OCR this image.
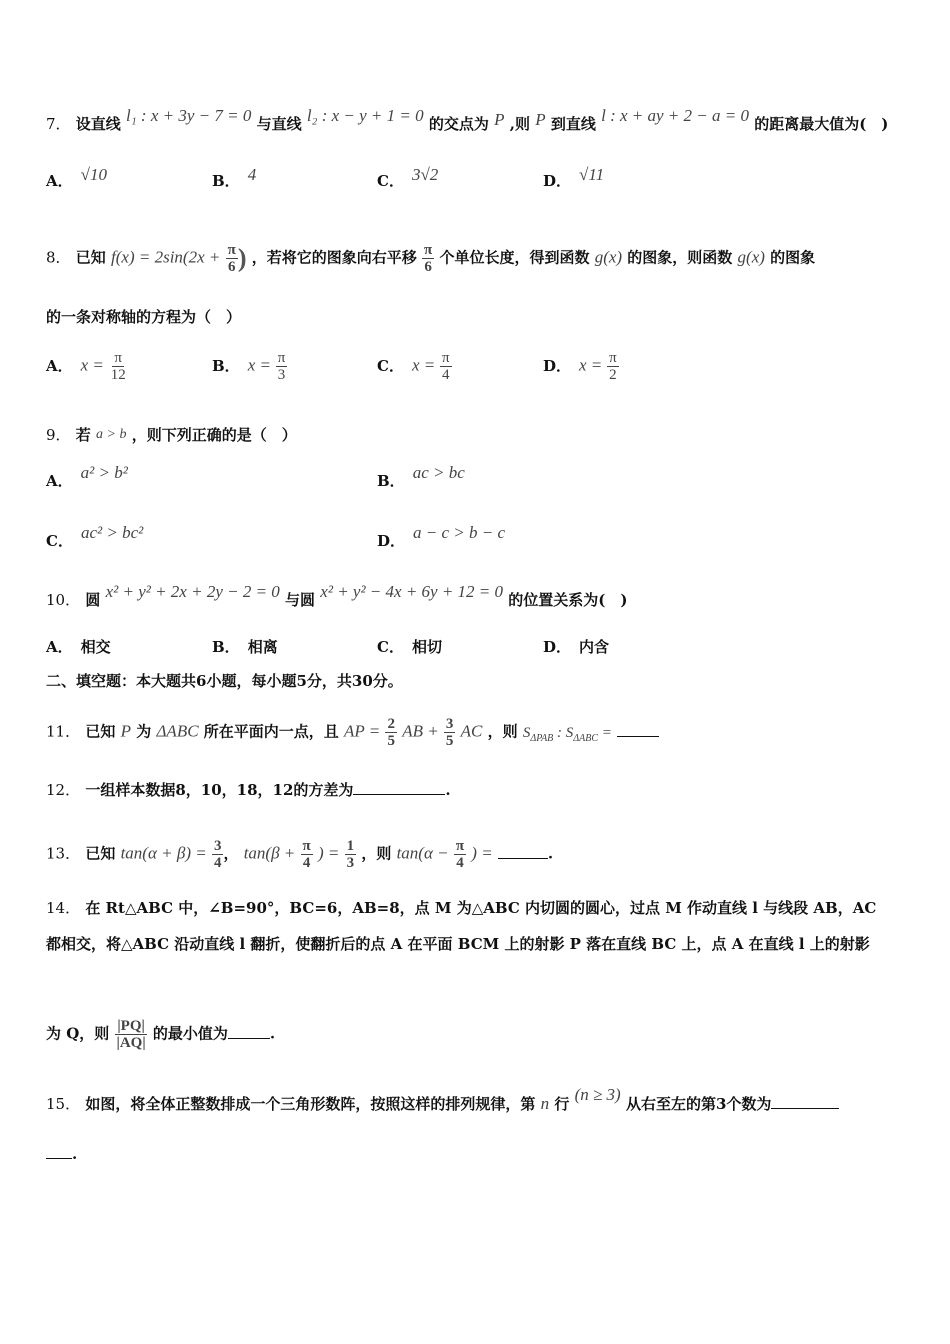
7． 设直线 l₁ : x + 3y − 7 = 0 与直线 l₂ : x − y + 1 = 0 的交点为 P ,则 P 到直线 l : x + ay + 2 − a = 0 的距离最大值为(　)
A． √10	B． 4	C． 3√2	D． √11
8． 已知 $f(x) = 2\sin(2x + \frac{\pi}{6}$ ) ，若将它的图象向右平移 $\frac{\pi}{6}$ 个单位长度，得到函数 g(x) 的图象，则函数 g(x) 的图象
的一条对称轴的方程为（　）
A． $x = \frac{\pi}{12}$	B． $x = \frac{\pi}{3}$	C． $x = \frac{\pi}{4}$	D． $x = \frac{\pi}{2}$
9． 若 a > b ，则下列正确的是（　）
A． a² > b²	B． ac > bc
C． ac² > bc²	D． a − c > b − c
10． 圆 x² + y² + 2x + 2y − 2 = 0 与圆 x² + y² − 4x + 6y + 12 = 0 的位置关系为(　)
A． 相交	B． 相离	C． 相切	D． 内含
二、填空题：本大题共6小题，每小题5分，共30分。
11． 已知 P 为 ΔABC 所在平面内一点，且 AP = $\frac{2}{5}$ AB + $\frac{3}{5}$ AC ，则 $S_{\Delta PAB}$ : $S_{\Delta ABC}$ =
12． 一组样本数据8，10，18，12的方差为	.
13． 已知 $\tan(\alpha + \beta) = \frac{3}{4}$ ， $\tan(\beta + \frac{\pi}{4}$ ) = $\frac{1}{3}$ ，则 $\tan(\alpha - \frac{\pi}{4}$ ) =	.
14． 在 Rt△ABC 中，∠B=90°，BC=6，AB=8，点 M 为△ABC 内切圆的圆心，过点 M 作动直线 l 与线段 AB，AC
都相交，将△ABC 沿动直线 l 翻折，使翻折后的点 A 在平面 BCM 上的射影 P 落在直线 BC 上，点 A 在直线 l 上的射影
为 Q，则 $\frac{|PQ|}{|AQ|}$ 的最小值为	.
15． 如图，将全体正整数排成一个三角形数阵，按照这样的排列规律，第 n 行 (n ≥ 3) 从右至左的第3个数为
.
